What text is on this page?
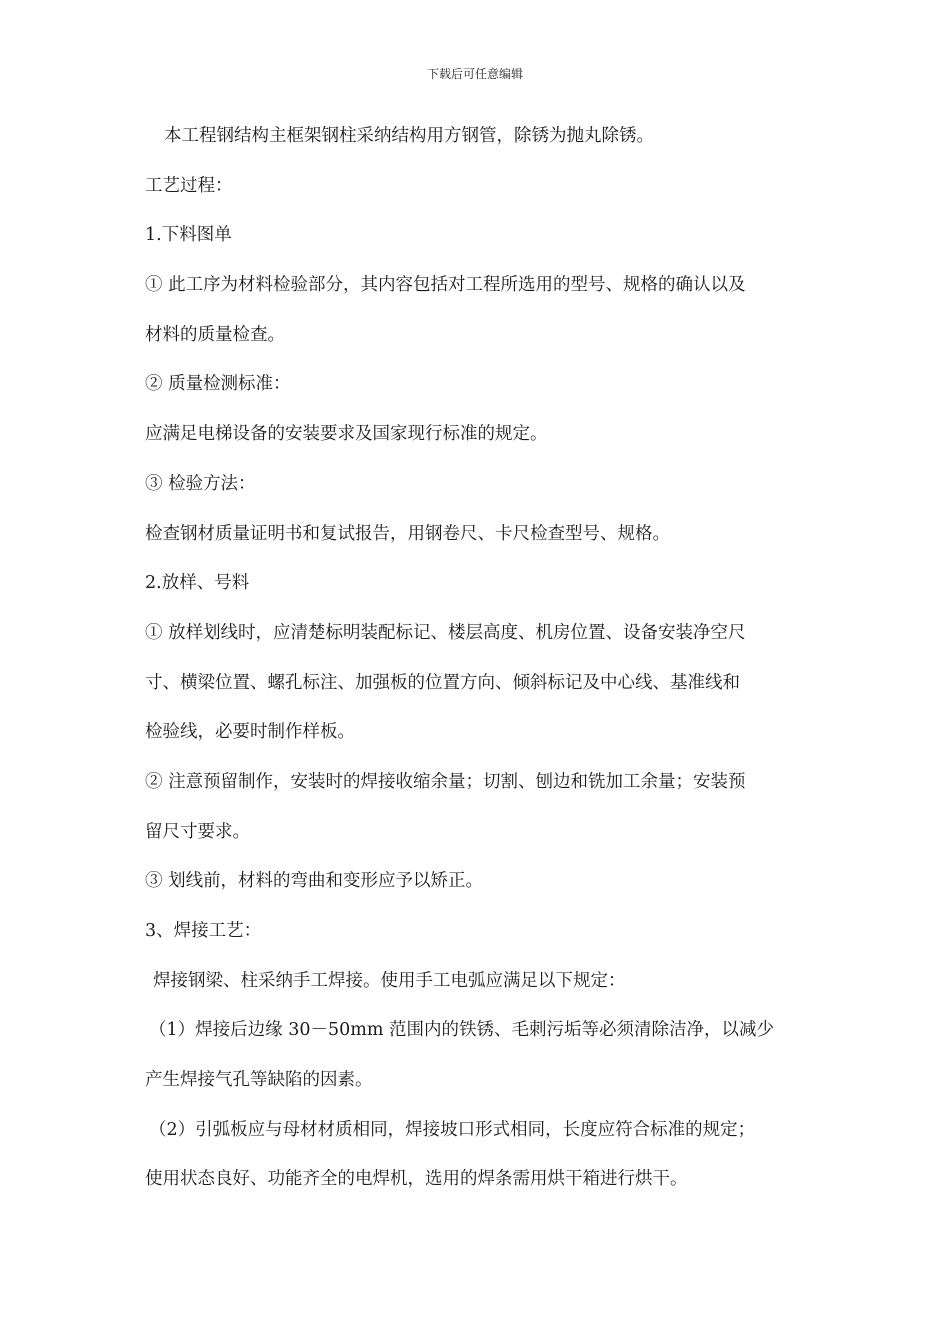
下载后可任意编辑
本工程钢结构主框架钢柱采纳结构用方钢管，除锈为抛丸除锈。
工艺过程：
1.下料图单
① 此工序为材料检验部分，其内容包括对工程所选用的型号、规格的确认以及
材料的质量检查。
② 质量检测标准：
应满足电梯设备的安装要求及国家现行标准的规定。
③ 检验方法：
检查钢材质量证明书和复试报告，用钢卷尺、卡尺检查型号、规格。
2.放样、号料
① 放样划线时，应清楚标明装配标记、楼层高度、机房位置、设备安装净空尺
寸、横梁位置、螺孔标注、加强板的位置方向、倾斜标记及中心线、基准线和
检验线，必要时制作样板。
② 注意预留制作，安装时的焊接收缩余量；切割、刨边和铣加工余量；安装预
留尺寸要求。
③ 划线前，材料的弯曲和变形应予以矫正。
3、焊接工艺：
焊接钢梁、柱采纳手工焊接。使用手工电弧应满足以下规定：
（1）焊接后边缘 30－50mm 范围内的铁锈、毛刺污垢等必须清除洁净，以减少
产生焊接气孔等缺陷的因素。
（2）引弧板应与母材材质相同，焊接坡口形式相同，长度应符合标准的规定；
使用状态良好、功能齐全的电焊机，选用的焊条需用烘干箱进行烘干。
